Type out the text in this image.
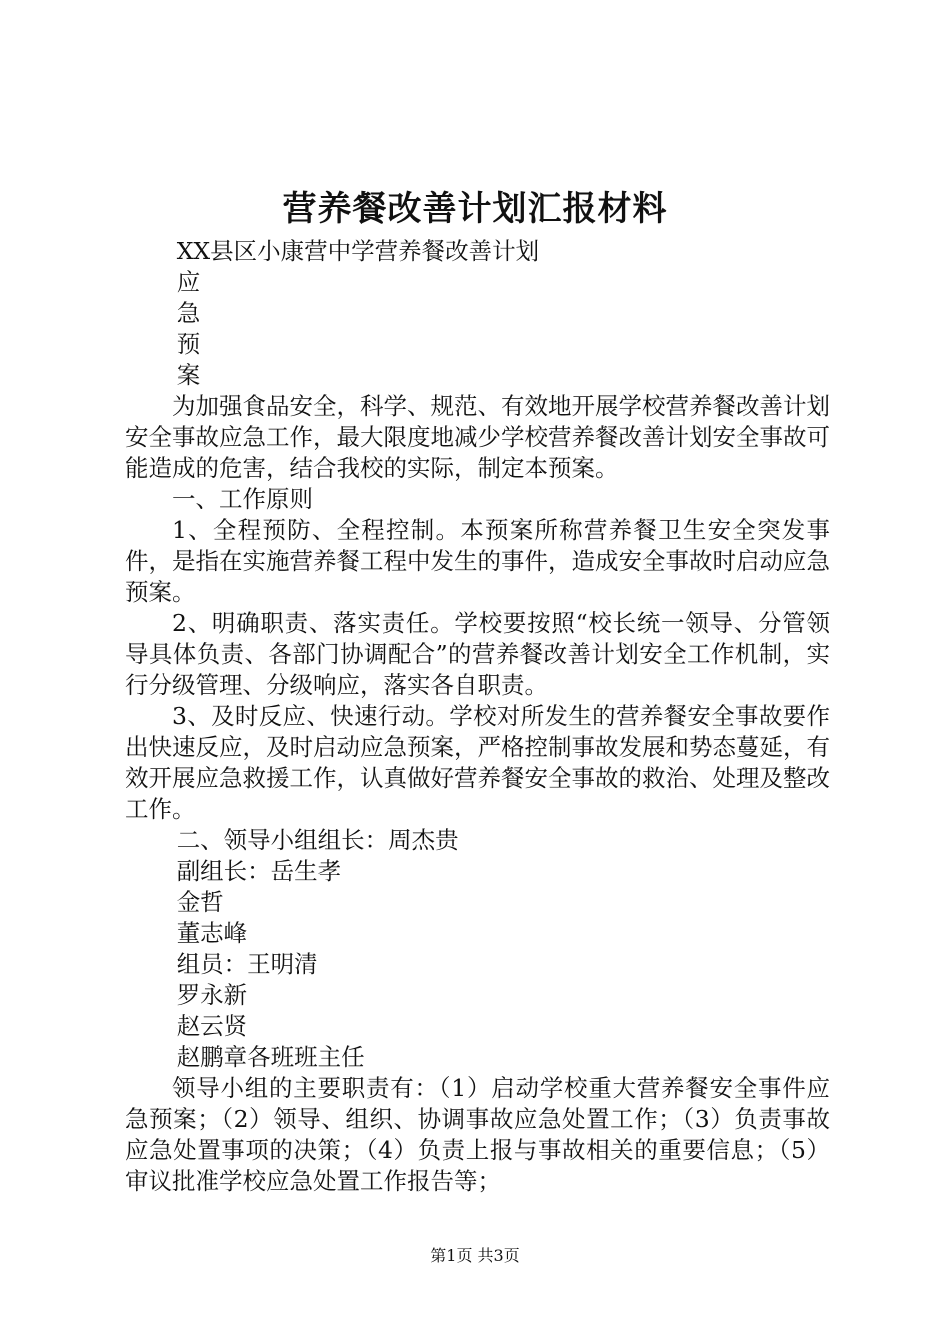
营养餐改善计划汇报材料
XX县区小康营中学营养餐改善计划
应
急
预
案

为加强食品安全，科学、规范、有效地开展学校营养餐改善计划安全事故应急工作，最大限度地减少学校营养餐改善计划安全事故可能造成的危害，结合我校的实际，制定本预案。

一、工作原则

1、全程预防、全程控制。本预案所称营养餐卫生安全突发事件，是指在实施营养餐工程中发生的事件，造成安全事故时启动应急预案。

2、明确职责、落实责任。学校要按照“校长统一领导、分管领导具体负责、各部门协调配合”的营养餐改善计划安全工作机制，实行分级管理、分级响应，落实各自职责。

3、及时反应、快速行动。学校对所发生的营养餐安全事故要作出快速反应，及时启动应急预案，严格控制事故发展和势态蔓延，有效开展应急救援工作，认真做好营养餐安全事故的救治、处理及整改工作。

二、领导小组组长：周杰贵
副组长：岳生孝
金哲
董志峰
组员：王明清
罗永新
赵云贤
赵鹏章各班班主任

领导小组的主要职责有：（1）启动学校重大营养餐安全事件应急预案；（2）领导、组织、协调事故应急处置工作；（3）负责事故应急处置事项的决策；（4）负责上报与事故相关的重要信息；（5）审议批准学校应急处置工作报告等；

第1页 共3页
